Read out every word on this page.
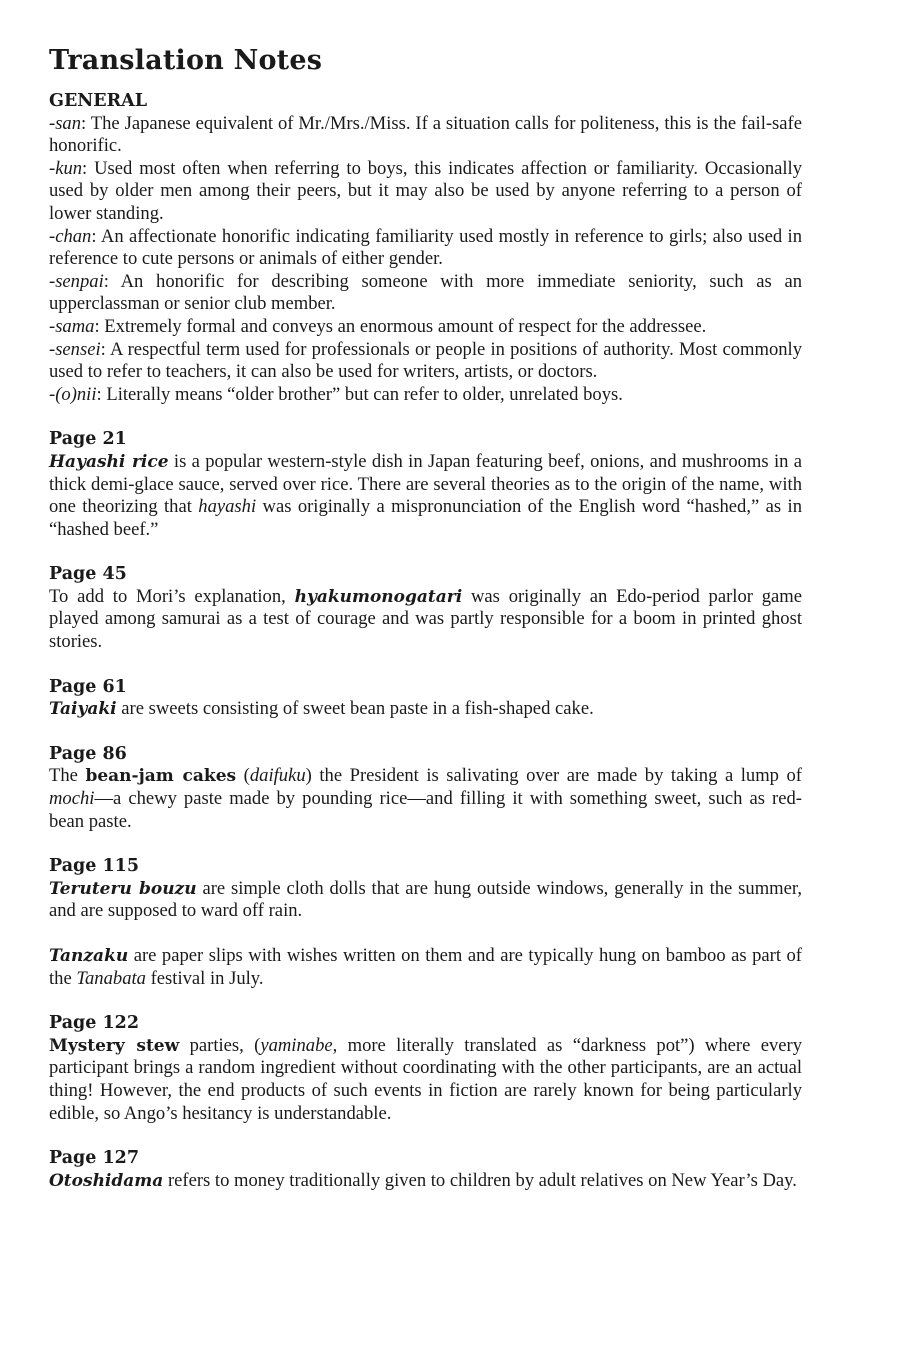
Translation Notes
GENERAL

-san: The Japanese equivalent of Mr./Mrs./Miss. If a situation calls for politeness, this is the fail-safe honorific.

-kun: Used most often when referring to boys, this indicates affection or familiarity. Occasionally used by older men among their peers, but it may also be used by anyone referring to a person of lower standing.

-chan: An affectionate honorific indicating familiarity used mostly in reference to girls; also used in reference to cute persons or animals of either gender.

-senpai: An honorific for describing someone with more immediate seniority, such as an upperclassman or senior club member.

-sama: Extremely formal and conveys an enormous amount of respect for the addressee.

-sensei: A respectful term used for professionals or people in positions of authority. Most commonly used to refer to teachers, it can also be used for writers, artists, or doctors.

-(o)nii: Literally means “older brother” but can refer to older, unrelated boys.

Page 21

Hayashi rice is a popular western-style dish in Japan featuring beef, onions, and mushrooms in a thick demi-glace sauce, served over rice. There are several theories as to the origin of the name, with one theorizing that hayashi was originally a mispronunciation of the English word “hashed,” as in “hashed beef.”

Page 45

To add to Mori’s explanation, hyakumonogatari was originally an Edo-period parlor game played among samurai as a test of courage and was partly responsible for a boom in printed ghost stories.

Page 61

Taiyaki are sweets consisting of sweet bean paste in a fish-shaped cake.

Page 86

The bean-jam cakes (daifuku) the President is salivating over are made by taking a lump of mochi—a chewy paste made by pounding rice—and filling it with something sweet, such as red-bean paste.

Page 115

Teruteru bouzu are simple cloth dolls that are hung outside windows, generally in the summer, and are supposed to ward off rain.

Tanzaku are paper slips with wishes written on them and are typically hung on bamboo as part of the Tanabata festival in July.

Page 122

Mystery stew parties, (yaminabe, more literally translated as “darkness pot”) where every participant brings a random ingredient without coordinating with the other participants, are an actual thing! However, the end products of such events in fiction are rarely known for being particularly edible, so Ango’s hesitancy is understandable.

Page 127

Otoshidama refers to money traditionally given to children by adult relatives on New Year’s Day.
